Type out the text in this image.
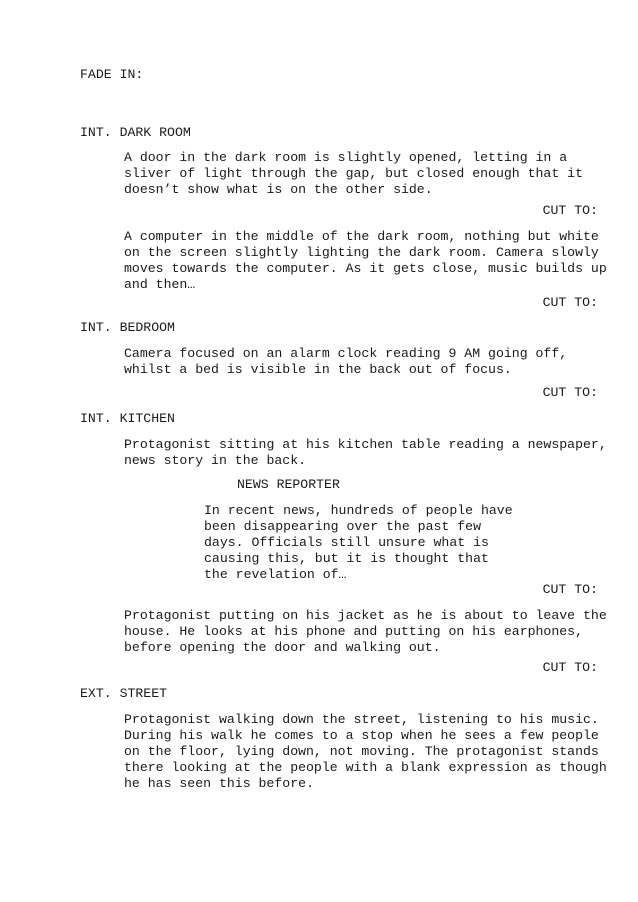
FADE IN:

INT. DARK ROOM

A door in the dark room is slightly opened, letting in a
sliver of light through the gap, but closed enough that it
doesn’t show what is on the other side.

CUT TO:

A computer in the middle of the dark room, nothing but white
on the screen slightly lighting the dark room. Camera slowly
moves towards the computer. As it gets close, music builds up
and then…

CUT TO:

INT. BEDROOM

Camera focused on an alarm clock reading 9 AM going off,
whilst a bed is visible in the back out of focus.

CUT TO:

INT. KITCHEN

Protagonist sitting at his kitchen table reading a newspaper,
news story in the back.

NEWS REPORTER

In recent news, hundreds of people have
been disappearing over the past few
days. Officials still unsure what is
causing this, but it is thought that
the revelation of…

CUT TO:

Protagonist putting on his jacket as he is about to leave the
house. He looks at his phone and putting on his earphones,
before opening the door and walking out.

CUT TO:

EXT. STREET

Protagonist walking down the street, listening to his music.
During his walk he comes to a stop when he sees a few people
on the floor, lying down, not moving. The protagonist stands
there looking at the people with a blank expression as though
he has seen this before.
